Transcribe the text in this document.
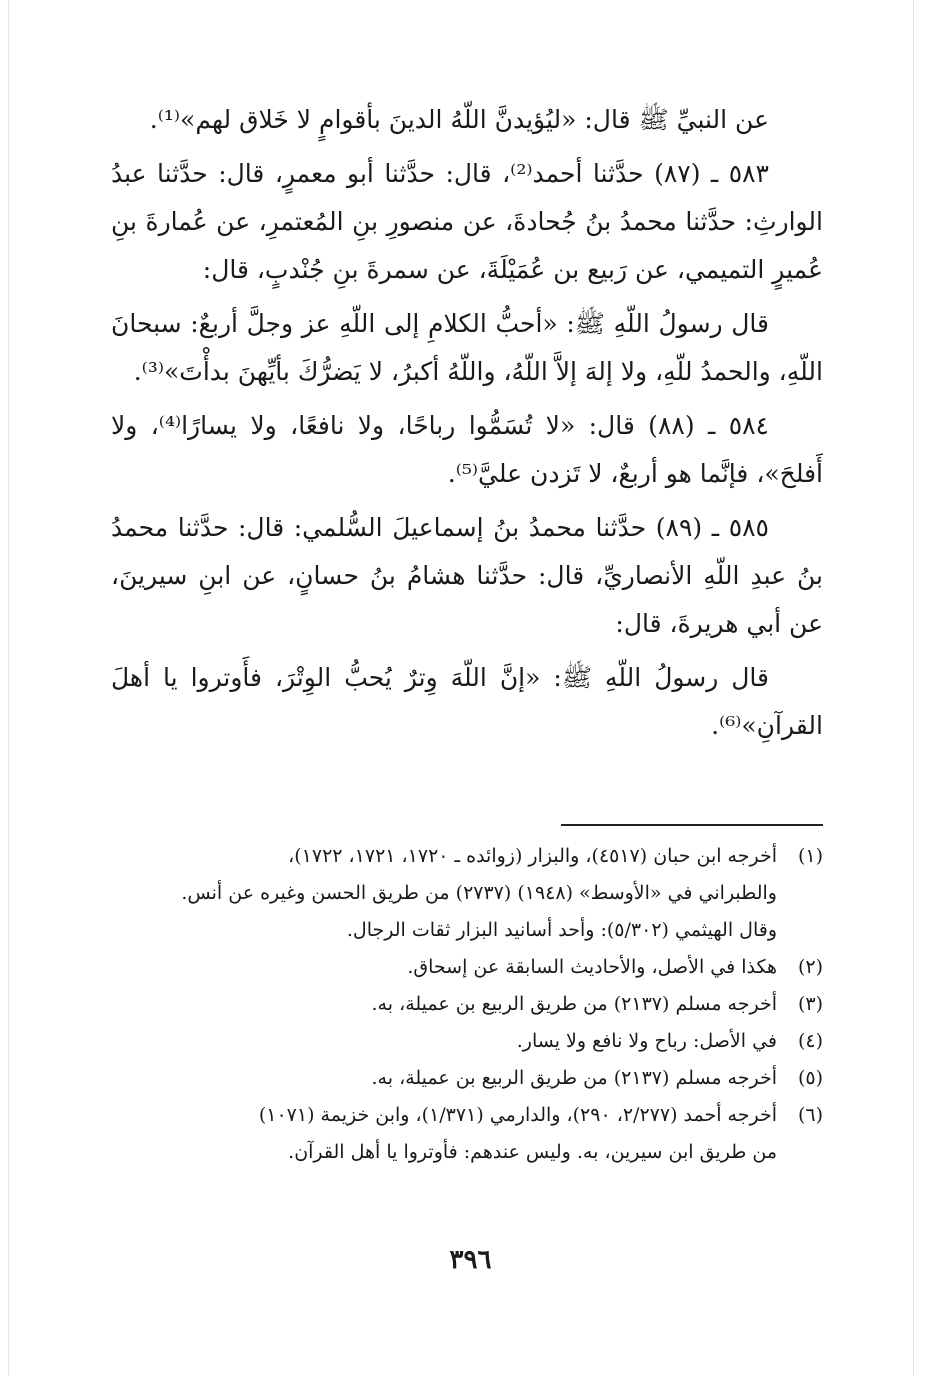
عن النبيِّ ﷺ قال: «ليُؤيدنَّ اللّهُ الدينَ بأقوامٍ لا خَلاق لهم»⁽¹⁾.

٥٨٣ ـ (٨٧) حدَّثنا أحمد⁽²⁾، قال: حدَّثنا أبو معمرٍ، قال: حدَّثنا عبدُ الوارثِ: حدَّثنا محمدُ بنُ جُحادةَ، عن منصورِ بنِ المُعتمرِ، عن عُمارةَ بنِ عُميرٍ التميمي، عن رَبيع بن عُمَيْلَةَ، عن سمرةَ بنِ جُنْدبٍ، قال:

قال رسولُ اللّهِ ﷺ: «أحبُّ الكلامِ إلى اللّهِ عز وجلَّ أربعٌ: سبحانَ اللّهِ، والحمدُ للّهِ، ولا إلهَ إلاَّ اللّهُ، واللّهُ أكبرُ، لا يَضرُّكَ بأيِّهنَ بدأْتَ»⁽³⁾.

٥٨٤ ـ (٨٨) قال: «لا تُسَمُّوا رباحًا، ولا نافعًا، ولا يسارًا⁽⁴⁾، ولا أَفلحَ»، فإنَّما هو أربعٌ، لا تَزدن عليَّ⁽⁵⁾.

٥٨٥ ـ (٨٩) حدَّثنا محمدُ بنُ إسماعيلَ السُّلمي: قال: حدَّثنا محمدُ بنُ عبدِ اللّهِ الأنصاريِّ، قال: حدَّثنا هشامُ بنُ حسانٍ، عن ابنِ سيرينَ، عن أبي هريرةَ، قال:

قال رسولُ اللّهِ ﷺ: «إنَّ اللّهَ وِترٌ يُحبُّ الوِتْرَ، فأَوتروا يا أهلَ القرآنِ»⁽⁶⁾.

(١)
أخرجه ابن حبان (٤٥١٧)، والبزار (زوائده ـ ١٧٢٠، ١٧٢١، ١٧٢٢)،
والطبراني في «الأوسط» (١٩٤٨) (٢٧٣٧) من طريق الحسن وغيره عن أنس.
وقال الهيثمي (٥/٣٠٢): وأحد أسانيد البزار ثقات الرجال.
(٢)
هكذا في الأصل، والأحاديث السابقة عن إسحاق.
(٣)
أخرجه مسلم (٢١٣٧) من طريق الربيع بن عميلة، به.
(٤)
في الأصل: رباح ولا نافع ولا يسار.
(٥)
أخرجه مسلم (٢١٣٧) من طريق الربيع بن عميلة، به.
(٦)
أخرجه أحمد (٢/٢٧٧، ٢٩٠)، والدارمي (١/٣٧١)، وابن خزيمة (١٠٧١)
من طريق ابن سيرين، به. وليس عندهم: فأوتروا يا أهل القرآن.
٣٩٦
